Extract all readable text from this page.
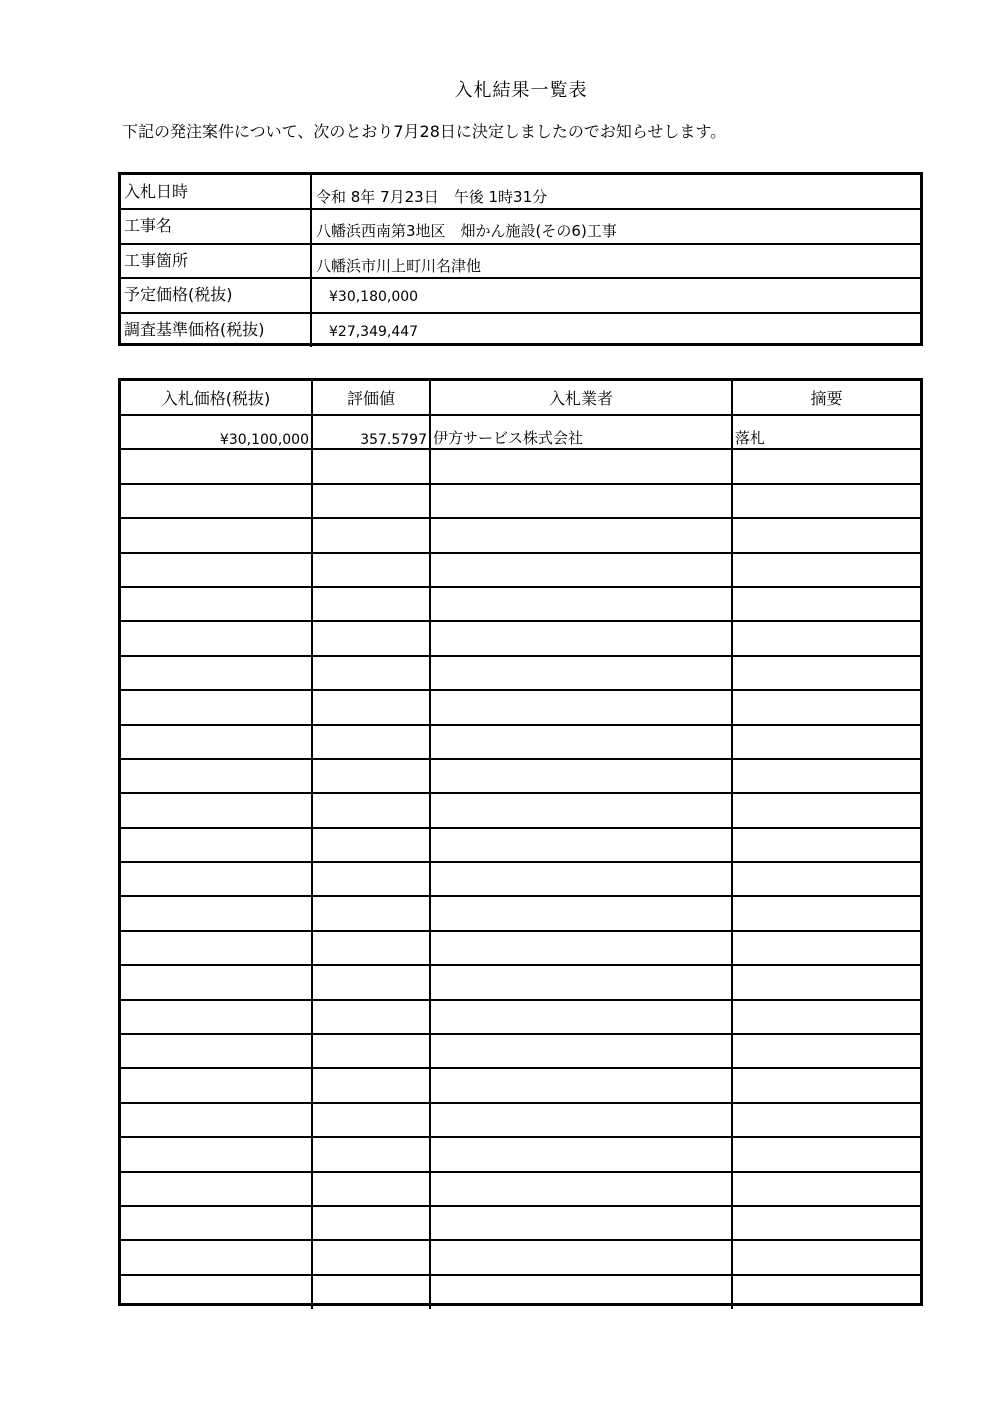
入札結果一覧表
下記の発注案件について、次のとおり7月28日に決定しましたのでお知らせします。
入札日時	令和 8年 7月23日　午後 1時31分
工事名	八幡浜西南第3地区　畑かん施設(その6)工事
工事箇所	八幡浜市川上町川名津他
予定価格(税抜)	¥30,180,000
調査基準価格(税抜)	¥27,349,447
入札価格(税抜)	評価値	入札業者	摘要
¥30,100,000	357.5797	伊方サービス株式会社	落札
